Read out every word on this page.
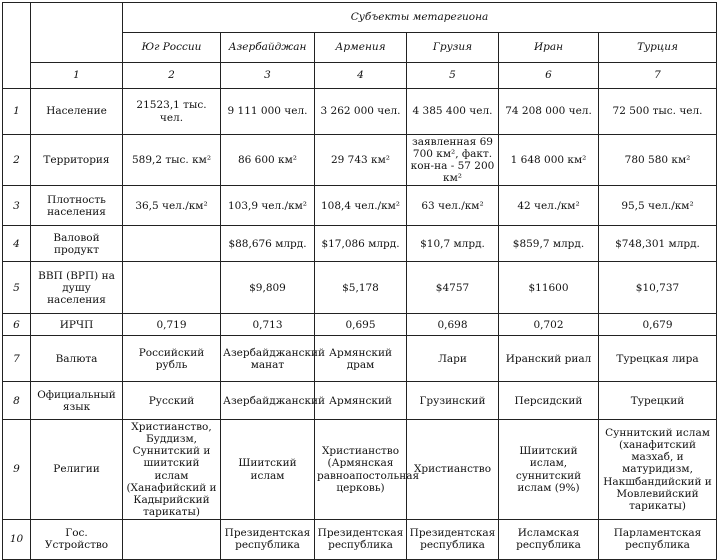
		Субъекты метарегиона					
		Юг России	Азербайджан	Армения	Грузия	Иран	Турция
	1	2	3	4	5	6	7
1	Население	21523,1 тыс. чел.	9 111 000 чел.	3 262 000 чел.	4 385 400 чел.	74 208 000 чел.	72 500 тыс. чел.
2	Территория	589,2 тыс. км²	86 600 км²	29 743 км²	заявленная 69 700 км², факт. кон-на - 57 200 км²	1 648 000 км²	780 580 км²
3	Плотность населения	36,5 чел./км²	103,9 чел./км²	108,4 чел./км²	63 чел./км²	42 чел./км²	95,5 чел./км²
4	Валовой продукт		$88,676 млрд.	$17,086 млрд.	$10,7 млрд.	$859,7 млрд.	$748,301 млрд.
5	ВВП (ВРП) на душу населения		$9,809	$5,178	$4757	$11600	$10,737
6	ИРЧП	0,719	0,713	0,695	0,698	0,702	0,679
7	Валюта	Российский рубль	Азербайджанский манат	Армянский драм	Лари	Иранский риал	Турецкая лира
8	Официальный язык	Русский	Азербайджанский	Армянский	Грузинский	Персидский	Турецкий
9	Религии	Христианство, Буддизм, Суннитский и шиитский ислам (Ханафийский и Кадырийский тарикаты)	Шиитский ислам	Христианство (Армянская равноапостольная церковь)	Христианство	Шиитский ислам, суннитский ислам (9%)	Суннитский ислам (ханафитский мазхаб, и матуридизм, Накшбандийский и Мовлевийский тарикаты)
10	Гос. Устройство		Президентская республика	Президентская республика	Президентская республика	Исламская республика	Парламентская республика
